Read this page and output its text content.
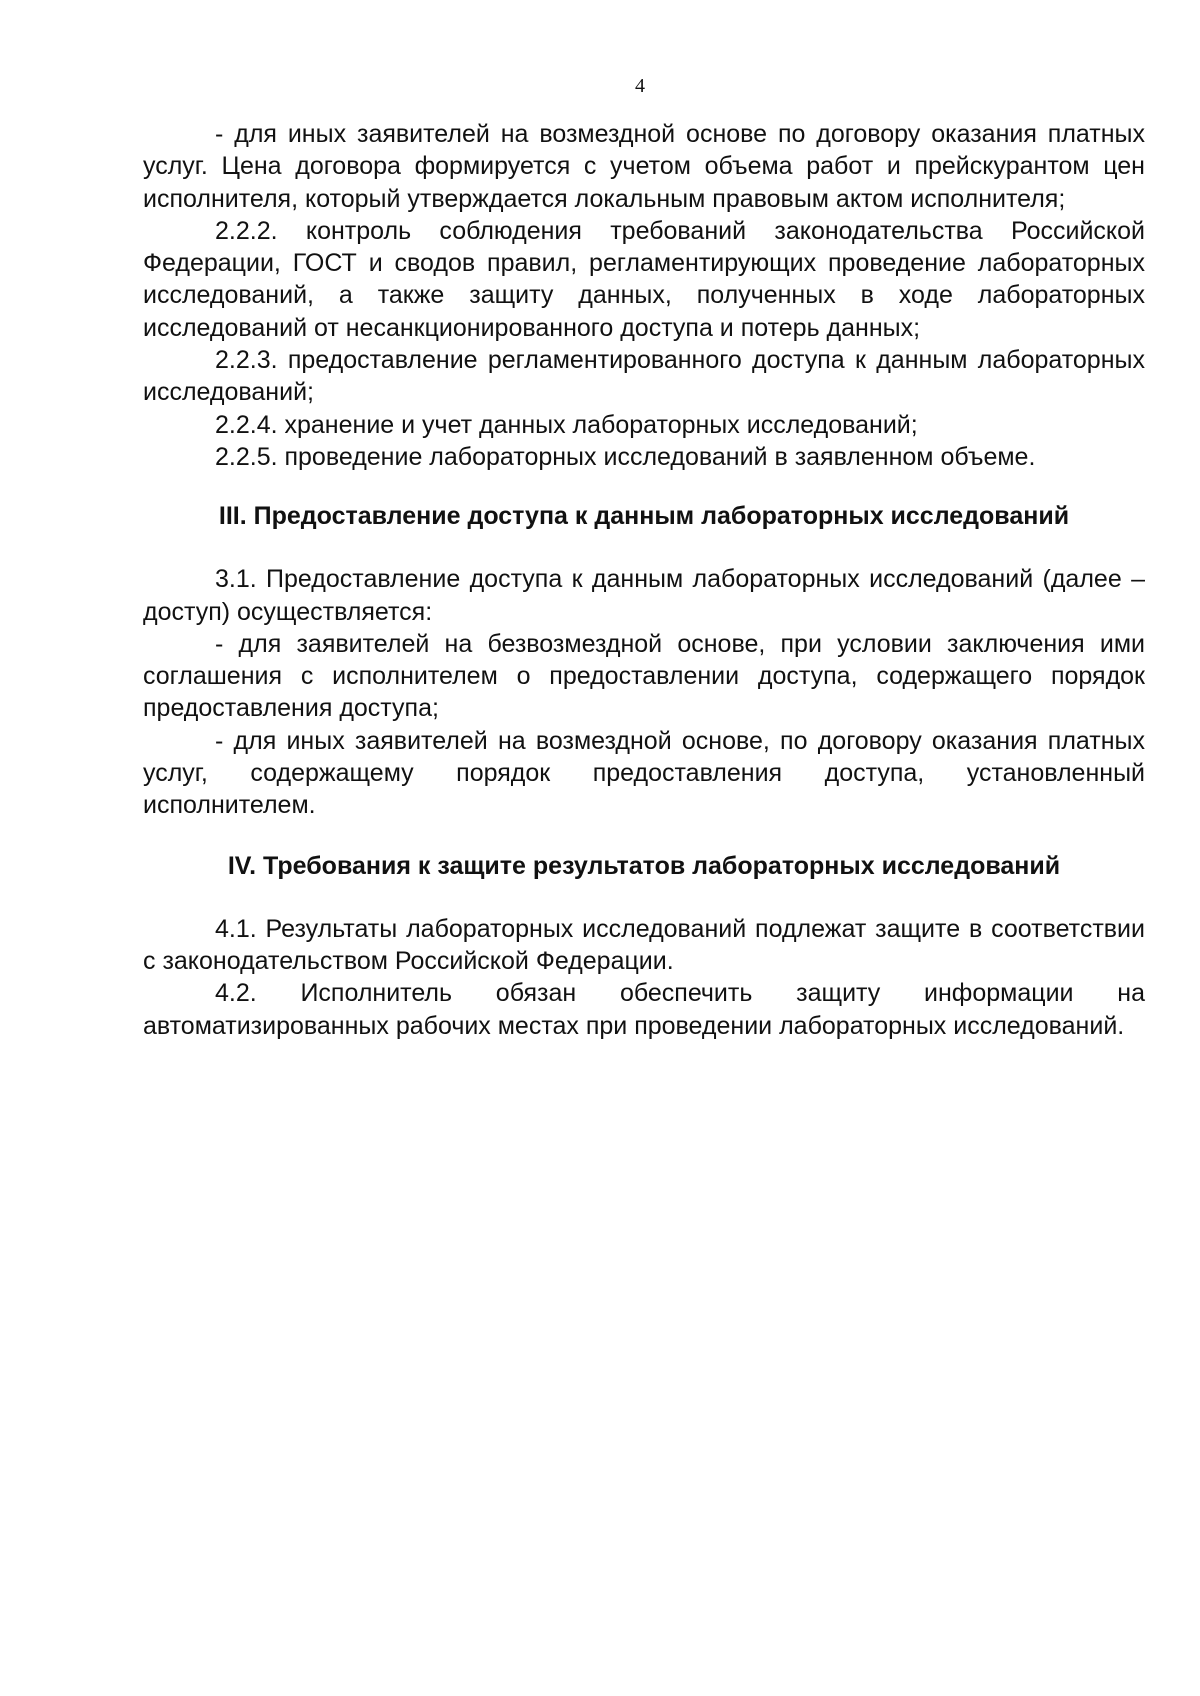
4

- для иных заявителей на возмездной основе по договору оказания платных услуг. Цена договора формируется с учетом объема работ и прейскурантом цен исполнителя, который утверждается локальным правовым актом исполнителя;

2.2.2. контроль соблюдения требований законодательства Российской Федерации, ГОСТ и сводов правил, регламентирующих проведение лабораторных исследований, а также защиту данных, полученных в ходе лабораторных исследований от несанкционированного доступа и потерь данных;

2.2.3. предоставление регламентированного доступа к данным лабораторных исследований;

2.2.4. хранение и учет данных лабораторных исследований;

2.2.5. проведение лабораторных исследований в заявленном объеме.

III. Предоставление доступа к данным лабораторных исследований

3.1. Предоставление доступа к данным лабораторных исследований (далее – доступ) осуществляется:

- для заявителей на безвозмездной основе, при условии заключения ими соглашения с исполнителем о предоставлении доступа, содержащего порядок предоставления доступа;

- для иных заявителей на возмездной основе, по договору оказания платных услуг, содержащему порядок предоставления доступа, установленный исполнителем.

IV. Требования к защите результатов лабораторных исследований

4.1. Результаты лабораторных исследований подлежат защите в соответствии с законодательством Российской Федерации.

4.2. Исполнитель обязан обеспечить защиту информации на автоматизированных рабочих местах при проведении лабораторных исследований.
